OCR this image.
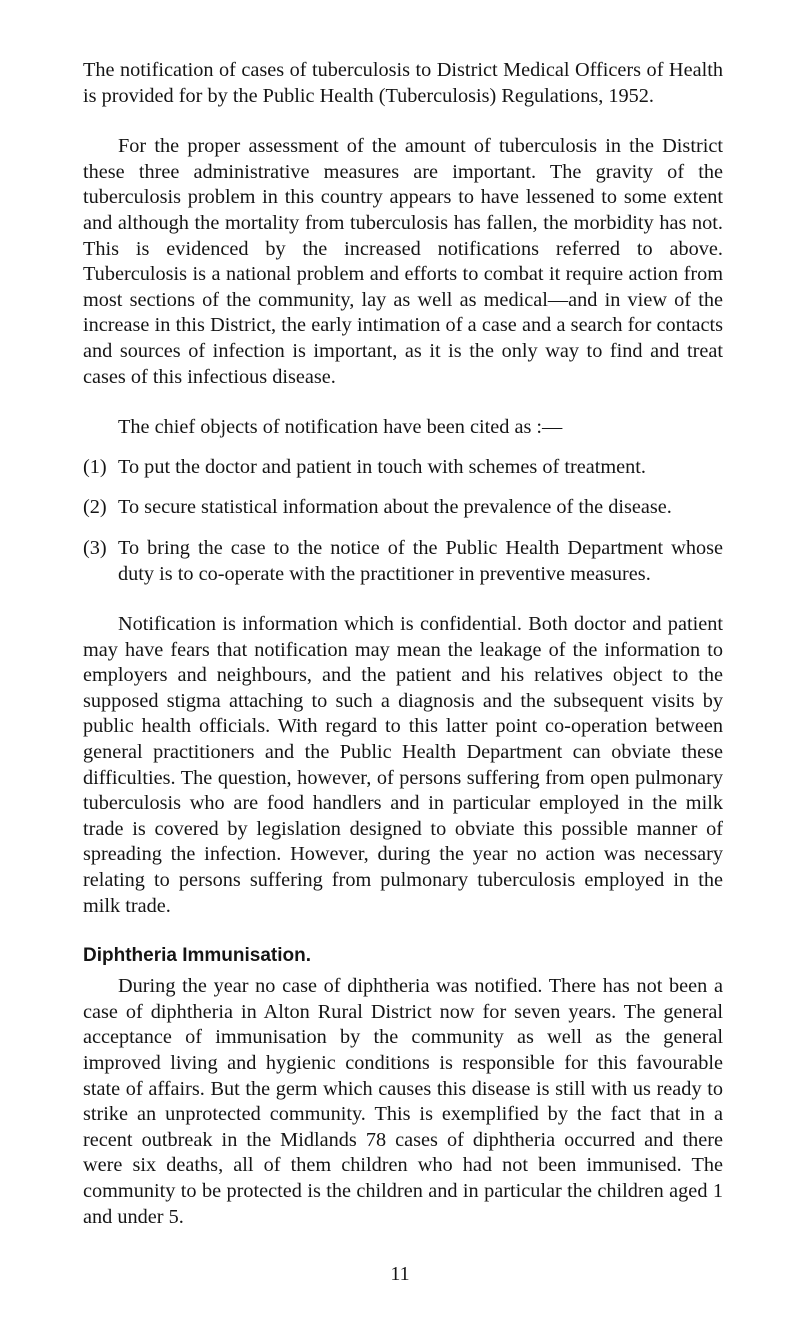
The notification of cases of tuberculosis to District Medical Officers of Health is provided for by the Public Health (Tuberculosis) Regulations, 1952.

For the proper assessment of the amount of tuberculosis in the District these three administrative measures are important. The gravity of the tuberculosis problem in this country appears to have lessened to some extent and although the mortality from tuberculosis has fallen, the morbidity has not. This is evidenced by the increased notifications referred to above. Tuberculosis is a national problem and efforts to combat it require action from most sections of the community, lay as well as medical—and in view of the increase in this District, the early intimation of a case and a search for contacts and sources of infection is important, as it is the only way to find and treat cases of this infectious disease.

The chief objects of notification have been cited as :—

(1) To put the doctor and patient in touch with schemes of treatment.
(2) To secure statistical information about the prevalence of the disease.
(3) To bring the case to the notice of the Public Health Department whose duty is to co-operate with the practitioner in preventive measures.

Notification is information which is confidential. Both doctor and patient may have fears that notification may mean the leakage of the information to employers and neighbours, and the patient and his relatives object to the supposed stigma attaching to such a diagnosis and the subsequent visits by public health officials. With regard to this latter point co-operation between general practitioners and the Public Health Department can obviate these difficulties. The question, however, of persons suffering from open pulmonary tuberculosis who are food handlers and in particular employed in the milk trade is covered by legislation designed to obviate this possible manner of spreading the infection. However, during the year no action was necessary relating to persons suffering from pulmonary tuberculosis employed in the milk trade.

Diphtheria Immunisation.

During the year no case of diphtheria was notified. There has not been a case of diphtheria in Alton Rural District now for seven years. The general acceptance of immunisation by the community as well as the general improved living and hygienic conditions is responsible for this favourable state of affairs. But the germ which causes this disease is still with us ready to strike an unprotected community. This is exemplified by the fact that in a recent outbreak in the Midlands 78 cases of diphtheria occurred and there were six deaths, all of them children who had not been immunised. The community to be protected is the children and in particular the children aged 1 and under 5.

11
